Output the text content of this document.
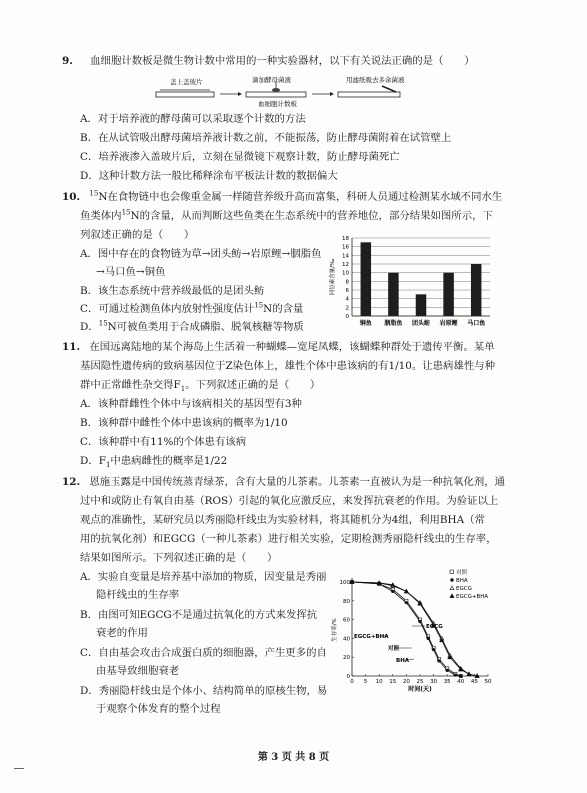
9. 血细胞计数板是微生物计数中常用的一种实验器材，以下有关说法正确的是（　　）
盖上盖玻片	滴加酵母菌液
血细胞计数板
用滤纸吸去多余菌液
A．对于培养液的酵母菌可以采取逐个计数的方法
B．在从试管吸出酵母菌培养液计数之前，不能振荡，防止酵母菌附着在试管壁上
C．培养液渗入盖玻片后，立刻在显微镜下观察计数，防止酵母菌死亡
D．这种计数方法一般比稀释涂布平板法计数的数据偏大
10. $^{15}$N在食物链中也会像重金属一样随营养级升高而富集，科研人员通过检测某水域不同水生
鱼类体内$^{15}$N的含量，从而判断这些鱼类在生态系统中的营养地位，部分结果如图所示，下
列叙述正确的是（　　）
A．图中存在的食物链为草→团头鲂→岩原鲤→胭脂鱼
→马口鱼→铜鱼
B．该生态系统中营养级最低的是团头鲂
C．可通过检测鱼体内放射性强度估计$^{15}$N的含量
D．$^{15}$N可被鱼类用于合成磷脂、脱氧核糖等物质
0
2
4
6
8
10
12
14
16
18
铜鱼 胭脂鱼 团头鲂 岩原鲤 马口鱼
同位素含量/‰
11. 在国远离陆地的某个海岛上生活着一种蝴蝶—宽尾凤蝶，该蝴蝶种群处于遗传平衡。某单
基因隐性遗传病的致病基因位于Z染色体上，雄性个体中患该病的有1/10。让患病雄性与种
群中正常雌性杂交得$F_1$。下列叙述正确的是（　　）
A．该种群雌性个体中与该病相关的基因型有3种
B．该种群中雌性个体中患该病的概率为1/10
C．该种群中有11%的个体患有该病
D．$F_1$中患病雌性的概率是1/22
12. 恩施玉露是中国传统蒸青绿茶，含有大量的儿茶素。儿茶素一直被认为是一种抗氧化剂，通
过中和或防止有氧自由基（ROS）引起的氧化应激反应，来发挥抗衰老的作用。为验证以上
观点的准确性，某研究员以秀丽隐杆线虫为实验材料，将其随机分为4组，利用BHA（常
用的抗氧化剂）和EGCG（一种儿茶素）进行相关实验，定期检测秀丽隐杆线虫的生存率，
结果如图所示。下列叙述正确的是（　　）
A．实验自变量是培养基中添加的物质，因变量是秀丽
隐杆线虫的生存率
B．由图可知EGCG不是通过抗氧化的方式来发挥抗
衰老的作用
C．自由基会攻击合成蛋白质的细胞器，产生更多的自
由基导致细胞衰老
D．秀丽隐杆线虫是个体小、结构简单的原核生物，易
于观察个体发育的整个过程
0
20
40
60
80
100
0 5 10 15 20 25 30 35 40 45 50
时间(天)
生存率/%
对照
BHA
EGCG
EGCG+BHA
EGCG+BHA
EGCG
对照
BHA
第 3 页 共 8 页
